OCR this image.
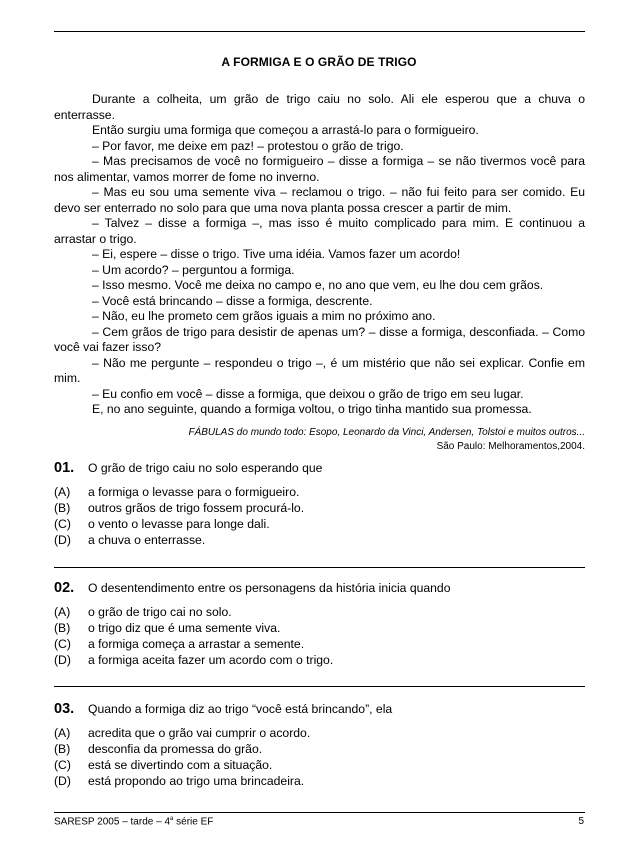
A FORMIGA E O GRÃO DE TRIGO

Durante a colheita, um grão de trigo caiu no solo. Ali ele esperou que a chuva o enterrasse.

Então surgiu uma formiga que começou a arrastá-lo para o formigueiro.

– Por favor, me deixe em paz! – protestou o grão de trigo.

– Mas precisamos de você no formigueiro – disse a formiga – se não tivermos você para nos alimentar, vamos morrer de fome no inverno.

– Mas eu sou uma semente viva – reclamou o trigo. – não fui feito para ser comido. Eu devo ser enterrado no solo para que uma nova planta possa crescer a partir de mim.

– Talvez – disse a formiga –, mas isso é muito complicado para mim. E continuou a arrastar o trigo.

– Ei, espere – disse o trigo. Tive uma idéia. Vamos fazer um acordo!

– Um acordo? – perguntou a formiga.

– Isso mesmo. Você me deixa no campo e, no ano que vem, eu lhe dou cem grãos.

– Você está brincando – disse a formiga, descrente.

– Não, eu lhe prometo cem grãos iguais a mim no próximo ano.

– Cem grãos de trigo para desistir de apenas um? – disse a formiga, desconfiada. – Como você vai fazer isso?

– Não me pergunte – respondeu o trigo –, é um mistério que não sei explicar. Confie em mim.

– Eu confio em você – disse a formiga, que deixou o grão de trigo em seu lugar.

E, no ano seguinte, quando a formiga voltou, o trigo tinha mantido sua promessa.

FÁBULAS do mundo todo: Esopo, Leonardo da Vinci, Andersen, Tolstoi e muitos outros...
São Paulo: Melhoramentos,2004.
01.	O grão de trigo caiu no solo esperando que
(A)	a formiga o levasse para o formigueiro.
(B)	outros grãos de trigo fossem procurá-lo.
(C)	o vento o levasse para longe dali.
(D)	a chuva o enterrasse.
02.	O desentendimento entre os personagens da história inicia quando
(A)	o grão de trigo cai no solo.
(B)	o trigo diz que é uma semente viva.
(C)	a formiga começa a arrastar a semente.
(D)	a formiga aceita fazer um acordo com o trigo.
03.	Quando a formiga diz ao trigo “você está brincando”, ela
(A)	acredita que o grão vai cumprir o acordo.
(B)	desconfia da promessa do grão.
(C)	está se divertindo com a situação.
(D)	está propondo ao trigo uma brincadeira.
SARESP 2005 – tarde – 4$^a$ série EF	5
